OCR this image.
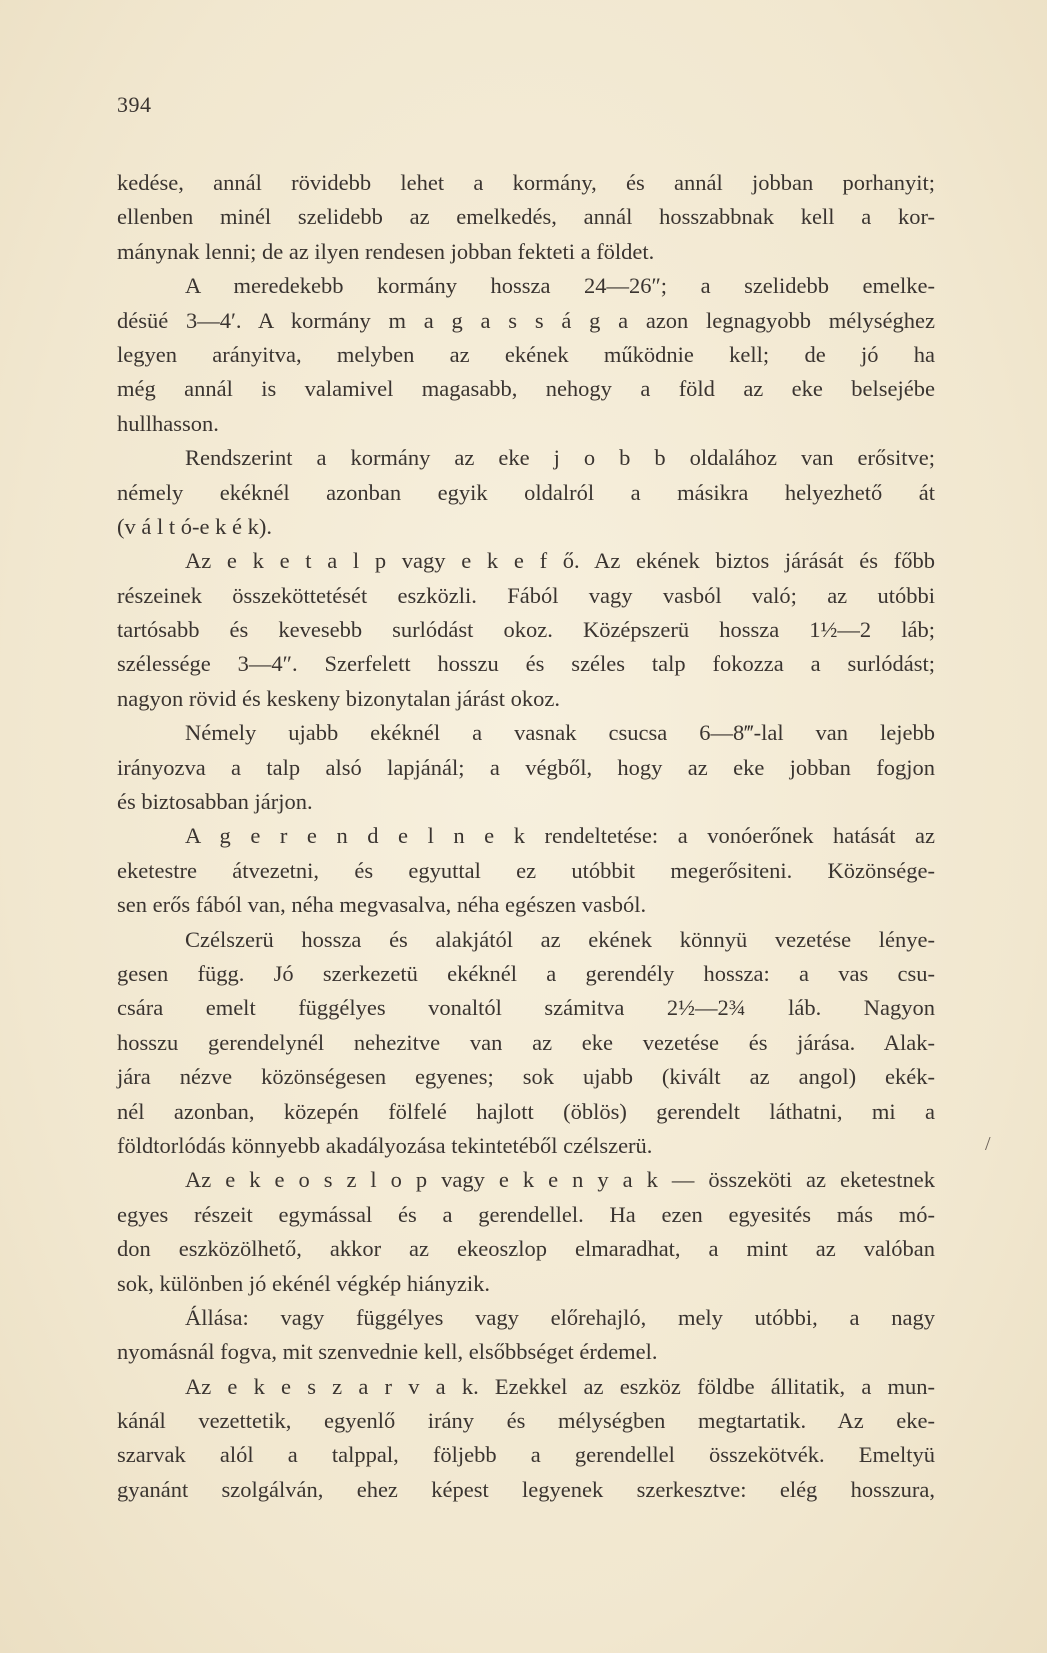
394
kedése, annál rövidebb lehet a kormány, és annál jobban porhanyit;
ellenben minél szelidebb az emelkedés, annál hosszabbnak kell a kor-
mánynak lenni; de az ilyen rendesen jobban fekteti a földet.
A meredekebb kormány hossza 24—26″; a szelidebb emelke-
désüé 3—4′. A kormány m a g a s s á g a azon legnagyobb mélységhez
legyen arányitva, melyben az ekének működnie kell; de jó ha
még annál is valamivel magasabb, nehogy a föld az eke belsejébe
hullhasson.
Rendszerint a kormány az eke j o b b oldalához van erősitve;
némely ekéknél azonban egyik oldalról a másikra helyezhető át
(v á l t ó-e k é k).
Az e k e t a l p vagy e k e f ő. Az ekének biztos járását és főbb
részeinek összeköttetését eszközli. Fából vagy vasból való; az utóbbi
tartósabb és kevesebb surlódást okoz. Középszerü hossza 1½—2 láb;
szélessége 3—4″. Szerfelett hosszu és széles talp fokozza a surlódást;
nagyon rövid és keskeny bizonytalan járást okoz.
Némely ujabb ekéknél a vasnak csucsa 6—8‴-lal van lejebb
irányozva a talp alsó lapjánál; a végből, hogy az eke jobban fogjon
és biztosabban járjon.
A g e r e n d e l n e k rendeltetése: a vonóerőnek hatását az
eketestre átvezetni, és egyuttal ez utóbbit megerősiteni. Közönsége-
sen erős fából van, néha megvasalva, néha egészen vasból.
Czélszerü hossza és alakjától az ekének könnyü vezetése lénye-
gesen függ. Jó szerkezetü ekéknél a gerendély hossza: a vas csu-
csára emelt függélyes vonaltól számitva 2½—2¾ láb. Nagyon
hosszu gerendelynél nehezitve van az eke vezetése és járása. Alak-
jára nézve közönségesen egyenes; sok ujabb (kivált az angol) ekék-
nél azonban, közepén fölfelé hajlott (öblös) gerendelt láthatni, mi a
földtorlódás könnyebb akadályozása tekintetéből czélszerü.
Az e k e o s z l o p vagy e k e n y a k — összeköti az eketestnek
egyes részeit egymással és a gerendellel. Ha ezen egyesités más mó-
don eszközölhető, akkor az ekeoszlop elmaradhat, a mint az valóban
sok, különben jó ekénél végkép hiányzik.
Állása: vagy függélyes vagy előrehajló, mely utóbbi, a nagy
nyomásnál fogva, mit szenvednie kell, elsőbbséget érdemel.
Az e k e s z a r v a k. Ezekkel az eszköz földbe állitatik, a mun-
kánál vezettetik, egyenlő irány és mélységben megtartatik. Az eke-
szarvak alól a talppal, följebb a gerendellel összekötvék. Emeltyü
gyanánt szolgálván, ehez képest legyenek szerkesztve: elég hosszura,
/
